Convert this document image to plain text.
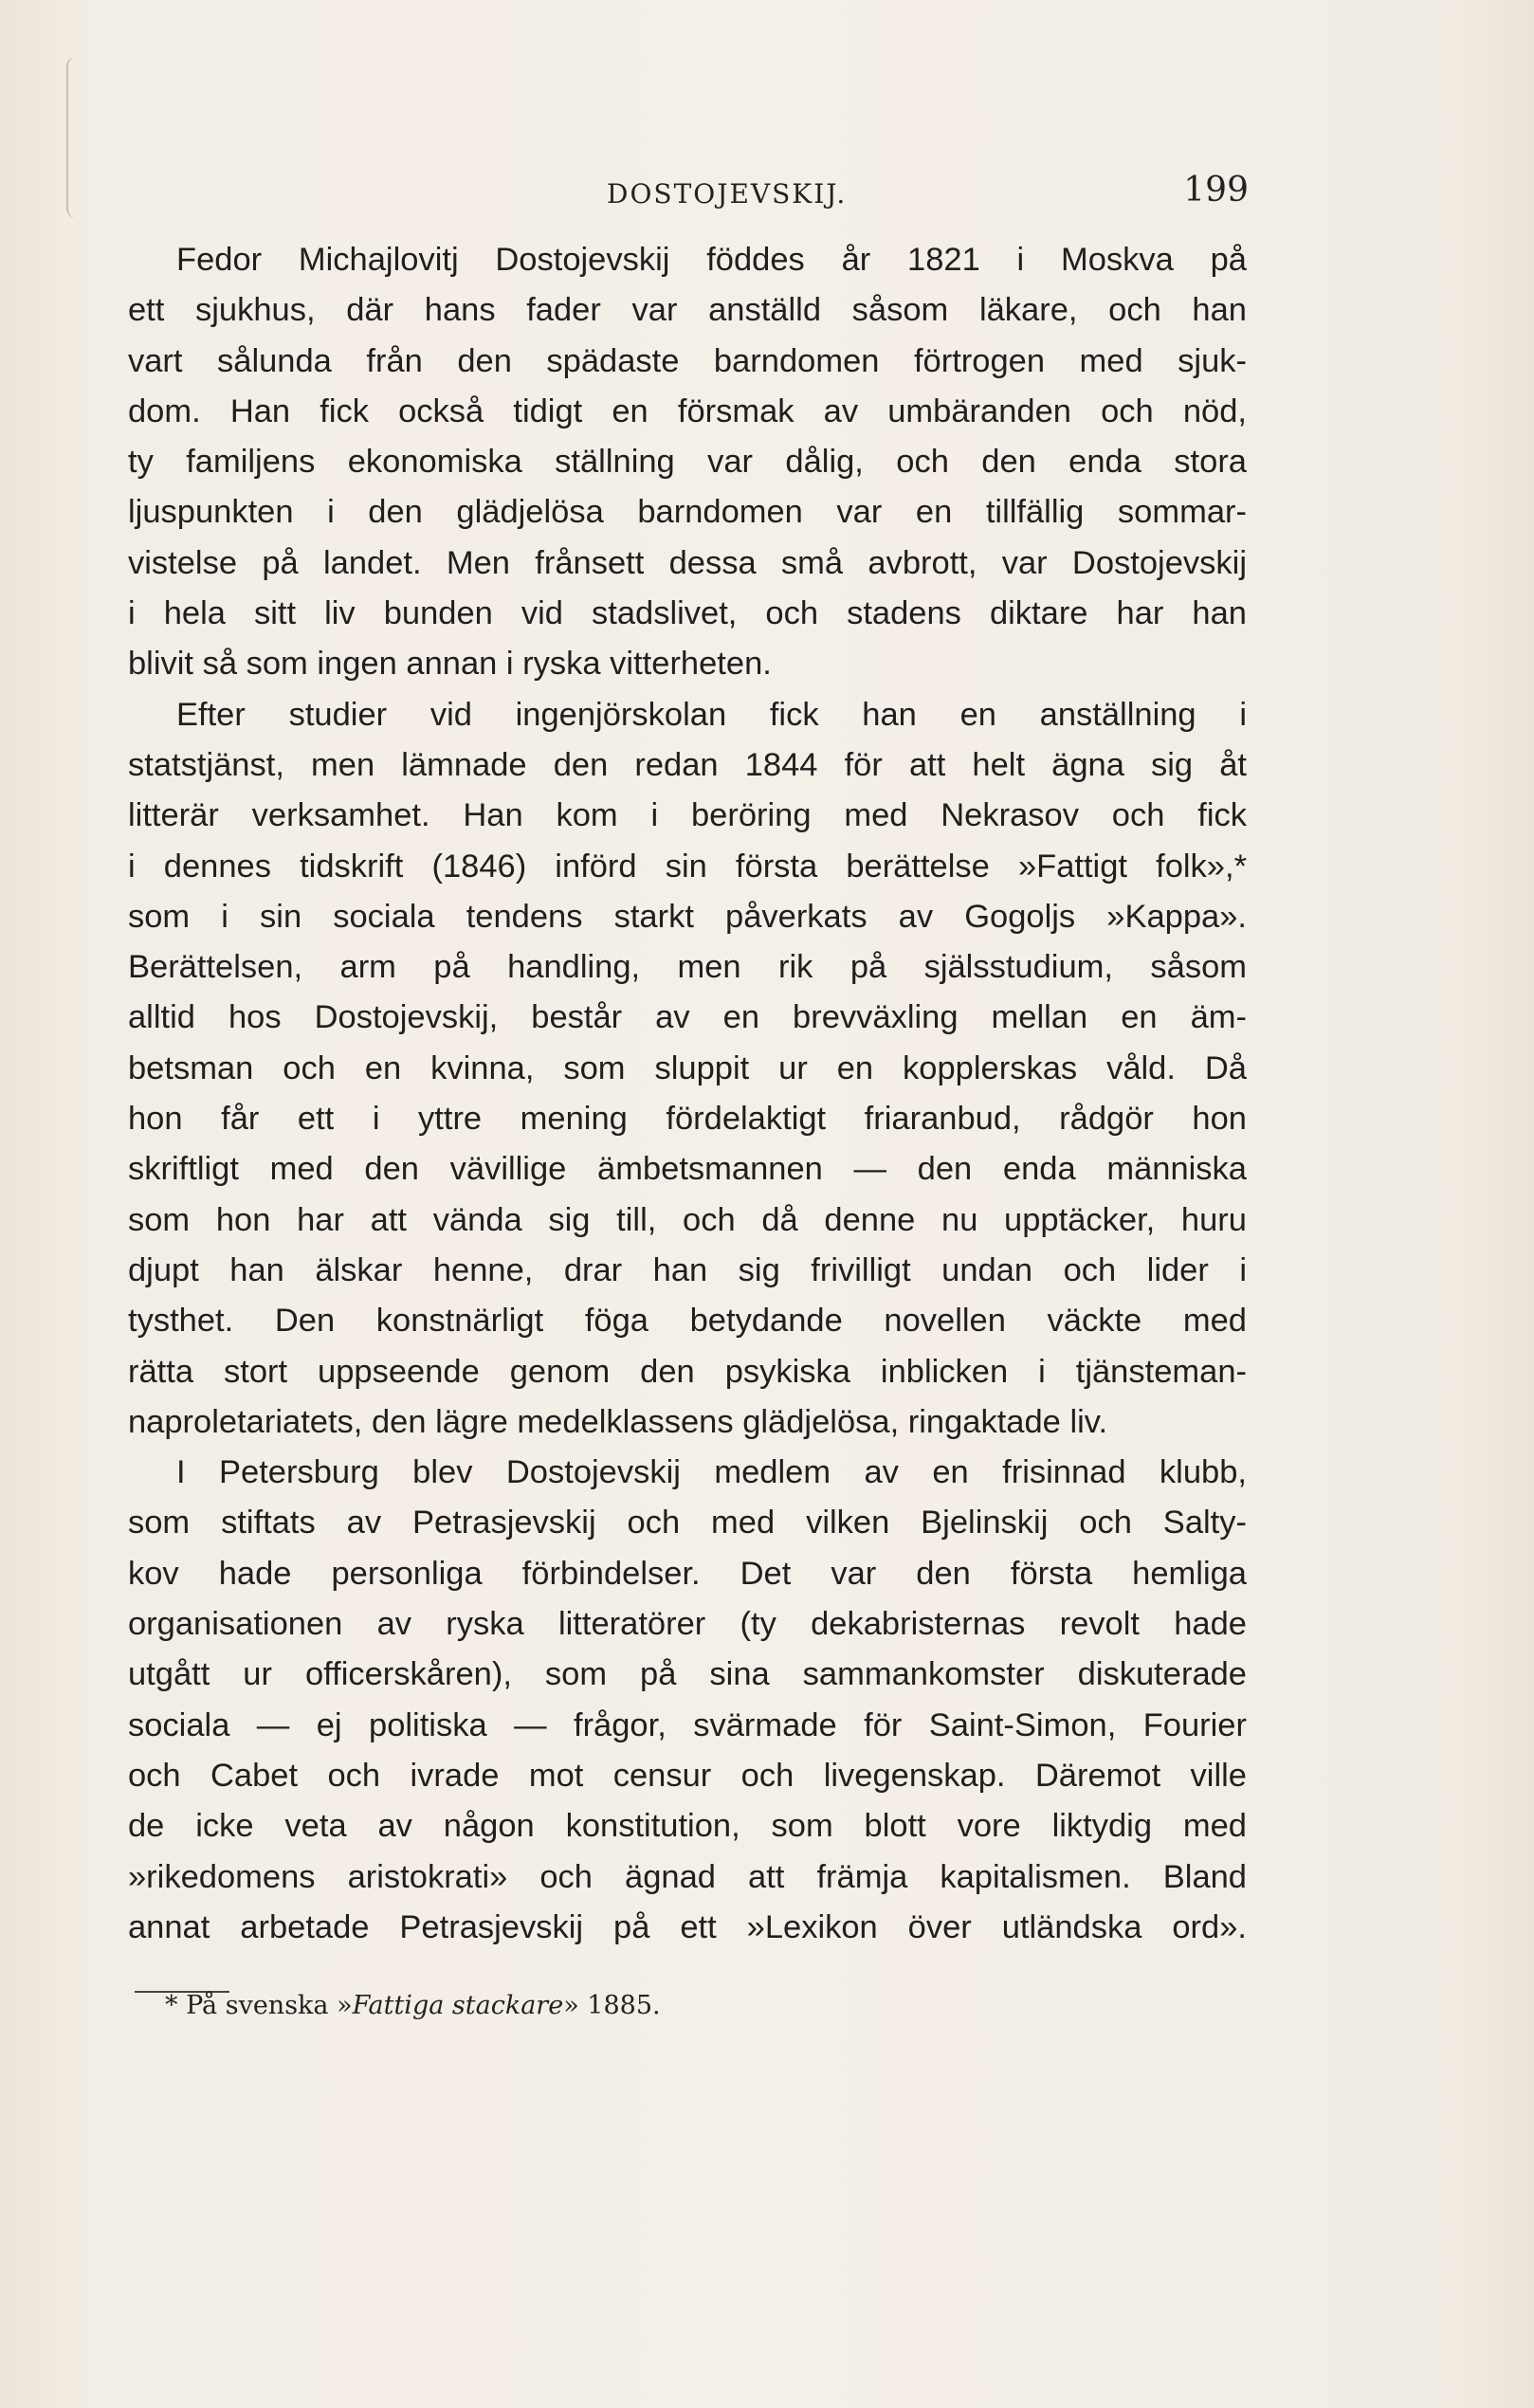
DOSTOJEVSKIJ.	199
Fedor Michajlovitj Dostojevskij föddes år 1821 i Moskva på
ett sjukhus, där hans fader var anställd såsom läkare, och han
vart sålunda från den spädaste barndomen förtrogen med sjuk-
dom. Han fick också tidigt en försmak av umbäranden och nöd,
ty familjens ekonomiska ställning var dålig, och den enda stora
ljuspunkten i den glädjelösa barndomen var en tillfällig sommar-
vistelse på landet. Men frånsett dessa små avbrott, var Dostojevskij
i hela sitt liv bunden vid stadslivet, och stadens diktare har han
blivit så som ingen annan i ryska vitterheten.
Efter studier vid ingenjörskolan fick han en anställning i
statstjänst, men lämnade den redan 1844 för att helt ägna sig åt
litterär verksamhet. Han kom i beröring med Nekrasov och fick
i dennes tidskrift (1846) införd sin första berättelse »Fattigt folk»,*
som i sin sociala tendens starkt påverkats av Gogoljs »Kappa».
Berättelsen, arm på handling, men rik på själsstudium, såsom
alltid hos Dostojevskij, består av en brevväxling mellan en äm-
betsman och en kvinna, som sluppit ur en kopplerskas våld. Då
hon får ett i yttre mening fördelaktigt friaranbud, rådgör hon
skriftligt med den vävillige ämbetsmannen — den enda människa
som hon har att vända sig till, och då denne nu upptäcker, huru
djupt han älskar henne, drar han sig frivilligt undan och lider i
tysthet. Den konstnärligt föga betydande novellen väckte med
rätta stort uppseende genom den psykiska inblicken i tjänsteman-
naproletariatets, den lägre medelklassens glädjelösa, ringaktade liv.
I Petersburg blev Dostojevskij medlem av en frisinnad klubb,
som stiftats av Petrasjevskij och med vilken Bjelinskij och Salty-
kov hade personliga förbindelser. Det var den första hemliga
organisationen av ryska litteratörer (ty dekabristernas revolt hade
utgått ur officerskåren), som på sina sammankomster diskuterade
sociala — ej politiska — frågor, svärmade för Saint-Simon, Fourier
och Cabet och ivrade mot censur och livegenskap. Däremot ville
de icke veta av någon konstitution, som blott vore liktydig med
»rikedomens aristokrati» och ägnad att främja kapitalismen. Bland
annat arbetade Petrasjevskij på ett »Lexikon över utländska ord».
* På svenska »Fattiga stackare» 1885.
